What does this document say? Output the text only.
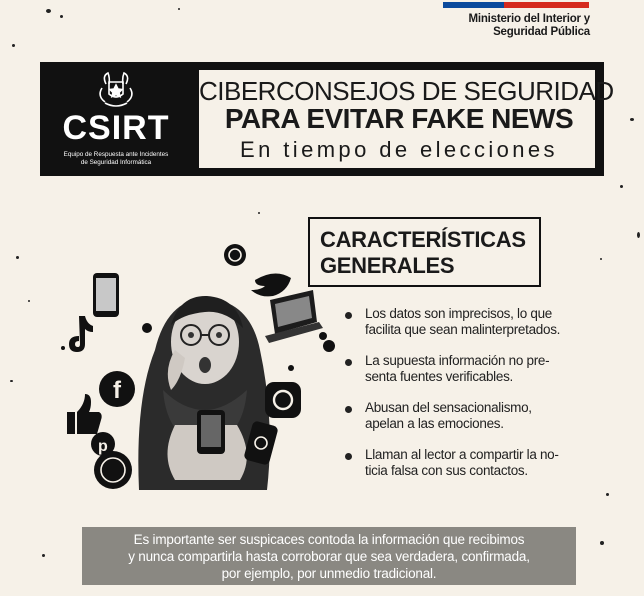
Ministerio del Interior y
Seguridad Pública
CSIRT
Equipo de Respuesta ante Incidentes
de Seguridad Informática
CIBERCONSEJOS DE SEGURIDAD
PARA EVITAR FAKE NEWS
En tiempo de elecciones
f
p
CARACTERÍSTICAS
GENERALES
Los datos son imprecisos, lo que
facilita que sean malinterpretados.
La supuesta información no pre-
senta fuentes verificables.
Abusan del sensacionalismo,
apelan a las emociones.
Llaman al lector a compartir la no-
ticia falsa con sus contactos.
Es importante ser suspicaces contoda la información que recibimos
y nunca compartirla hasta corroborar que sea verdadera, confirmada,
por ejemplo, por unmedio tradicional.
